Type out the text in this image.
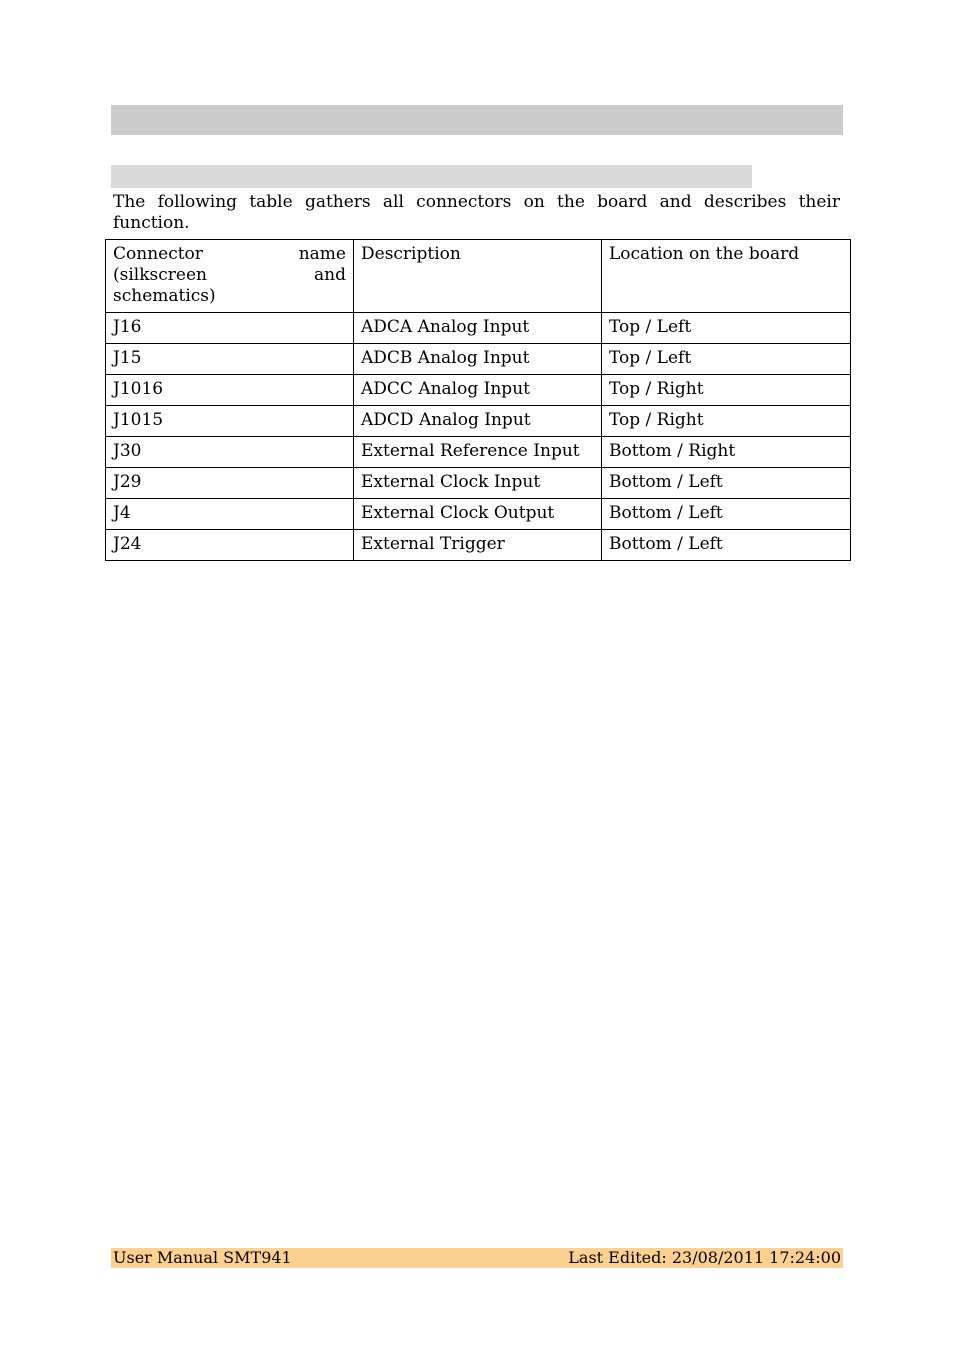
The following table gathers all connectors on the board and describes their function.

Connector name (silkscreen and schematics)	Description	Location on the board
J16	ADCA Analog Input	Top / Left
J15	ADCB Analog Input	Top / Left
J1016	ADCC Analog Input	Top / Right
J1015	ADCD Analog Input	Top / Right
J30	External Reference Input	Bottom / Right
J29	External Clock Input	Bottom / Left
J4	External Clock Output	Bottom / Left
J24	External Trigger	Bottom / Left
User Manual SMT941	Last Edited: 23/08/2011 17:24:00
